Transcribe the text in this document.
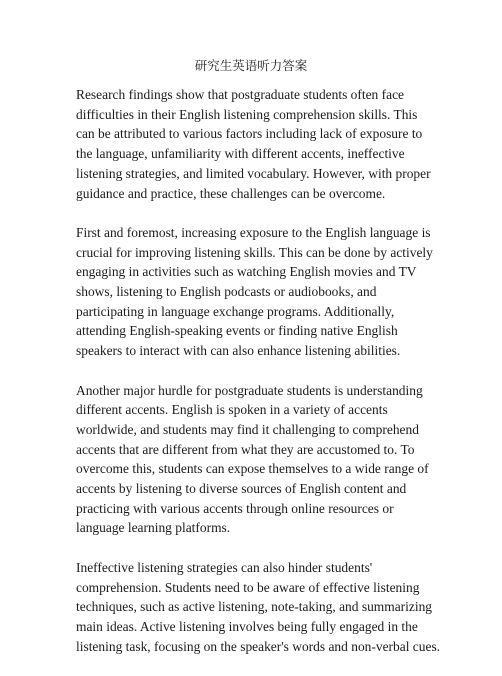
研究生英语听力答案

Research findings show that postgraduate students often face
difficulties in their English listening comprehension skills. This
can be attributed to various factors including lack of exposure to
the language, unfamiliarity with different accents, ineffective
listening strategies, and limited vocabulary. However, with proper
guidance and practice, these challenges can be overcome.

First and foremost, increasing exposure to the English language is
crucial for improving listening skills. This can be done by actively
engaging in activities such as watching English movies and TV
shows, listening to English podcasts or audiobooks, and
participating in language exchange programs. Additionally,
attending English-speaking events or finding native English
speakers to interact with can also enhance listening abilities.

Another major hurdle for postgraduate students is understanding
different accents. English is spoken in a variety of accents
worldwide, and students may find it challenging to comprehend
accents that are different from what they are accustomed to. To
overcome this, students can expose themselves to a wide range of
accents by listening to diverse sources of English content and
practicing with various accents through online resources or
language learning platforms.

Ineffective listening strategies can also hinder students'
comprehension. Students need to be aware of effective listening
techniques, such as active listening, note-taking, and summarizing
main ideas. Active listening involves being fully engaged in the
listening task, focusing on the speaker's words and non-verbal cues.
